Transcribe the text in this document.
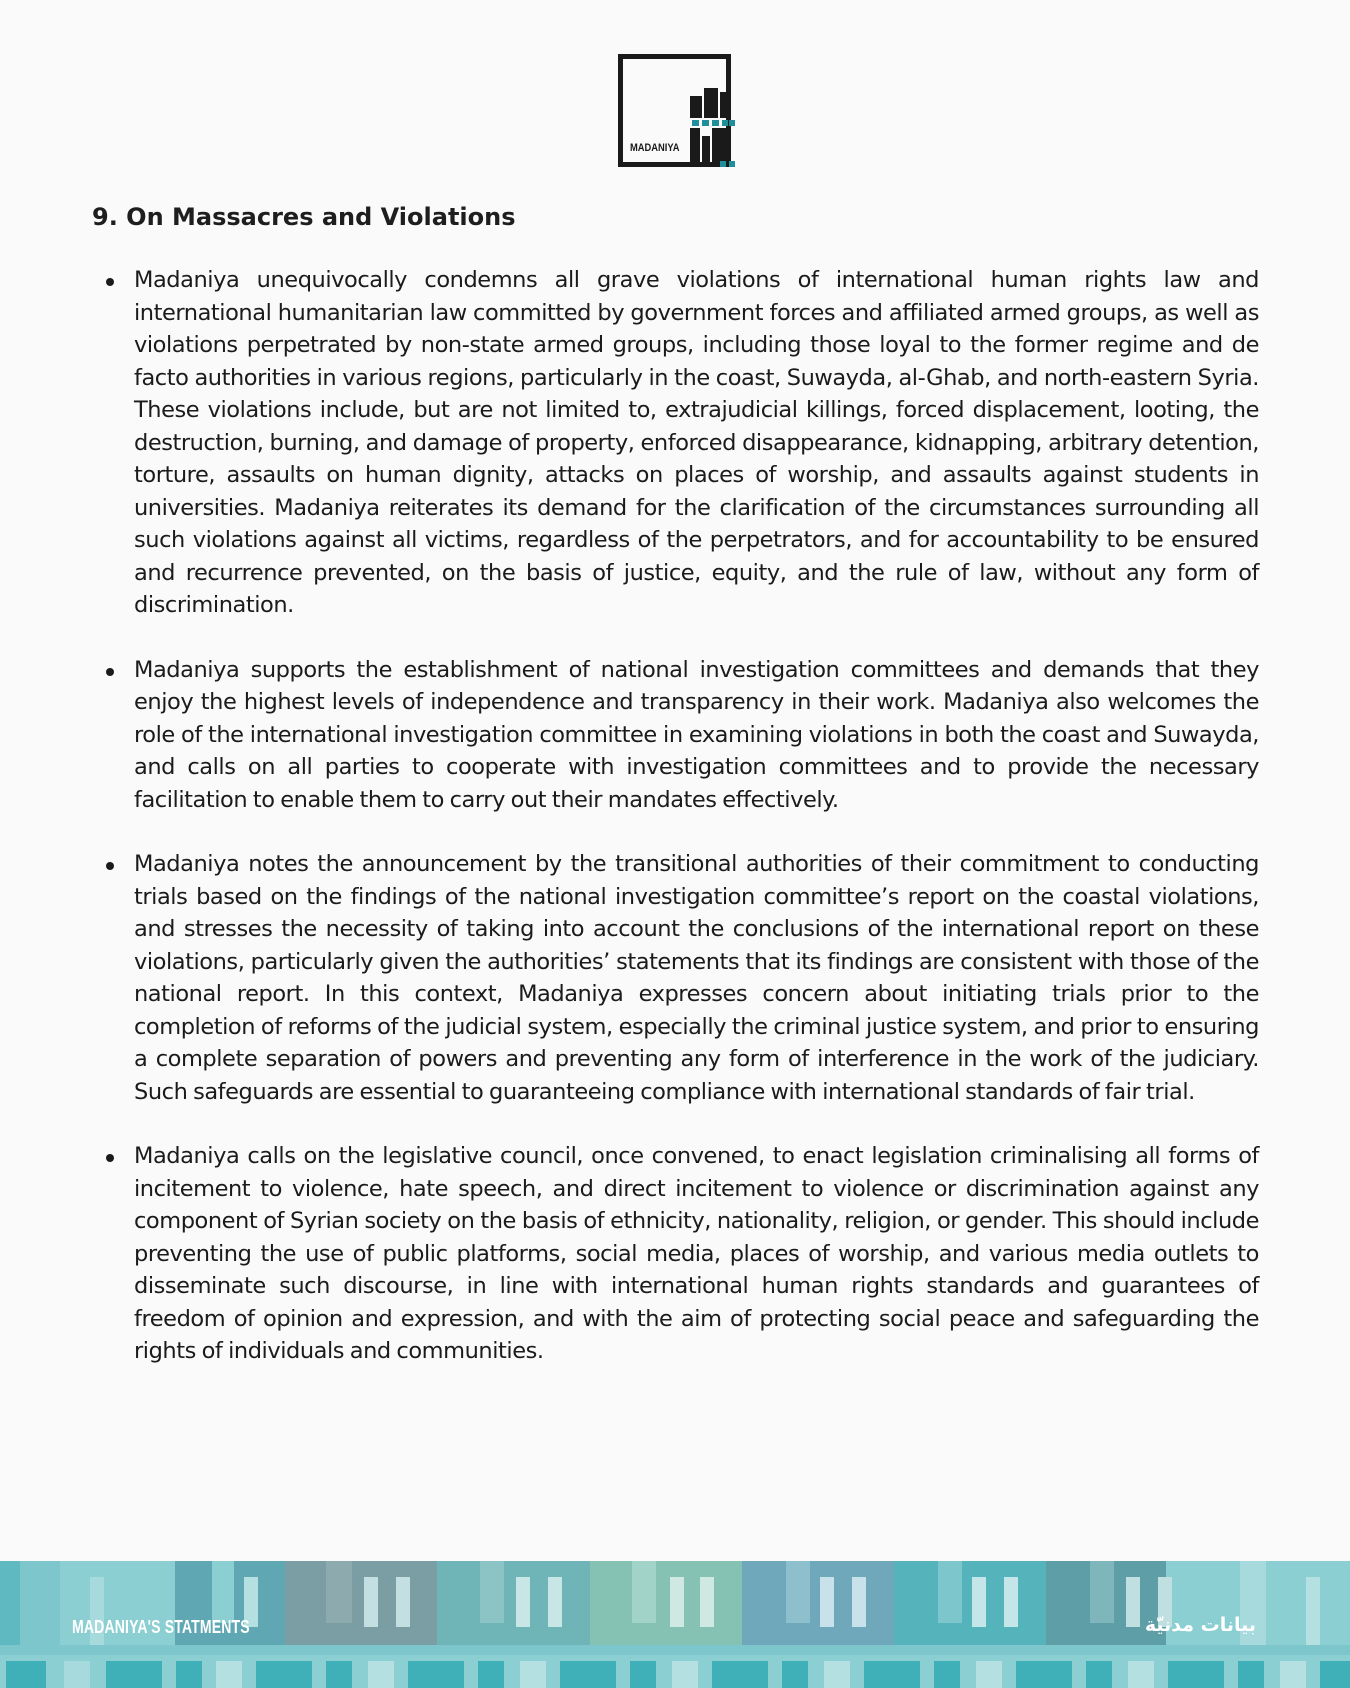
MADANIYA
9. On Massacres and Violations
Madaniya unequivocally condemns all grave violations of international human rights law and international humanitarian law committed by government forces and affiliated armed groups, as well as violations perpetrated by non-state armed groups, including those loyal to the former regime and de facto authorities in various regions, particularly in the coast, Suwayda, al-Ghab, and north-eastern Syria. These violations include, but are not limited to, extrajudicial killings, forced displacement, looting, the destruction, burning, and damage of property, enforced disappearance, kidnapping, arbitrary detention, torture, assaults on human dignity, attacks on places of worship, and assaults against students in universities. Madaniya reiterates its demand for the clarification of the circumstances surrounding all such violations against all victims, regardless of the perpetrators, and for accountability to be ensured and recurrence prevented, on the basis of justice, equity, and the rule of law, without any form of discrimination.
Madaniya supports the establishment of national investigation committees and demands that they enjoy the highest levels of independence and transparency in their work. Madaniya also welcomes the role of the international investigation committee in examining violations in both the coast and Suwayda, and calls on all parties to cooperate with investigation committees and to provide the necessary facilitation to enable them to carry out their mandates effectively.
Madaniya notes the announcement by the transitional authorities of their commitment to conducting trials based on the findings of the national investigation committee’s report on the coastal violations, and stresses the necessity of taking into account the conclusions of the international report on these violations, particularly given the authorities’ statements that its findings are consistent with those of the national report. In this context, Madaniya expresses concern about initiating trials prior to the completion of reforms of the judicial system, especially the criminal justice system, and prior to ensuring a complete separation of powers and preventing any form of interference in the work of the judiciary. Such safeguards are essential to guaranteeing compliance with international standards of fair trial.
Madaniya calls on the legislative council, once convened, to enact legislation criminalising all forms of incitement to violence, hate speech, and direct incitement to violence or discrimination against any component of Syrian society on the basis of ethnicity, nationality, religion, or gender. This should include preventing the use of public platforms, social media, places of worship, and various media outlets to disseminate such discourse, in line with international human rights standards and guarantees of freedom of opinion and expression, and with the aim of protecting social peace and safeguarding the rights of individuals and communities.
MADANIYA'S STATMENTS	بيانات مدنيّة
